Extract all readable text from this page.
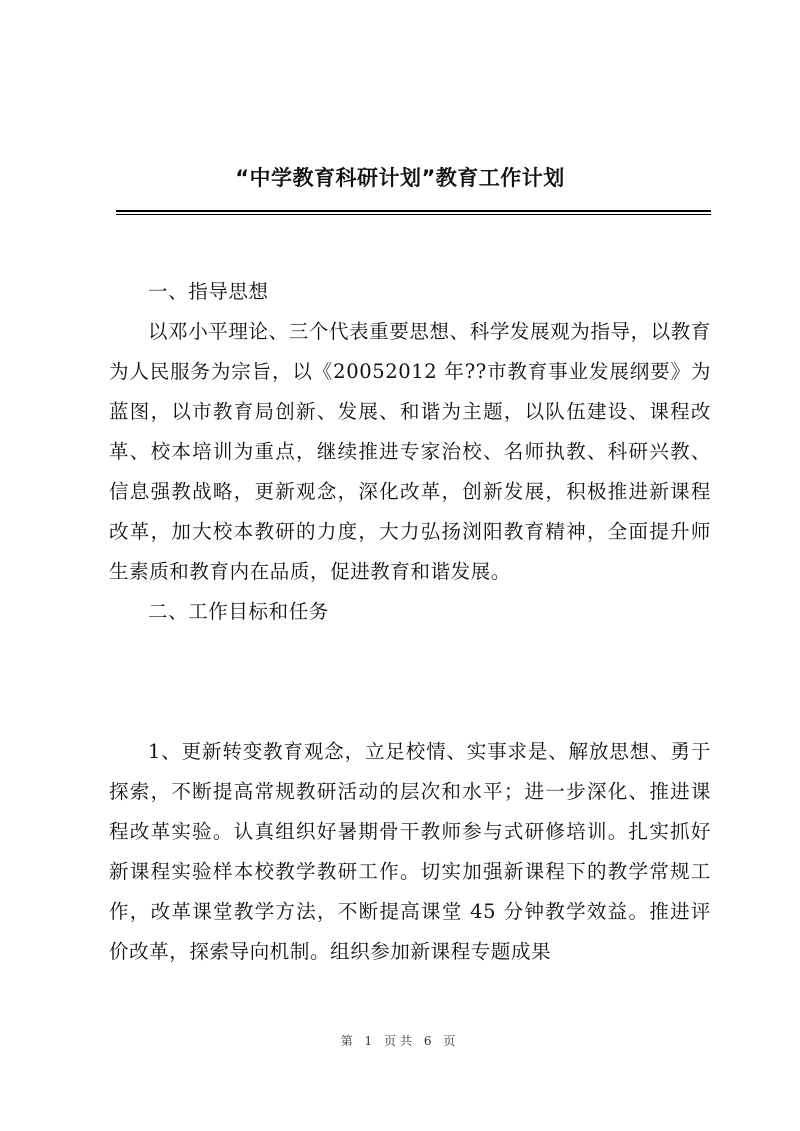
“中学教育科研计划”教育工作计划

一、指导思想

以邓小平理论、三个代表重要思想、科学发展观为指导，以教育为人民服务为宗旨，以《20052012 年??市教育事业发展纲要》为蓝图，以市教育局创新、发展、和谐为主题，以队伍建设、课程改革、校本培训为重点，继续推进专家治校、名师执教、科研兴教、信息强教战略，更新观念，深化改革，创新发展，积极推进新课程改革，加大校本教研的力度，大力弘扬浏阳教育精神，全面提升师生素质和教育内在品质，促进教育和谐发展。

二、工作目标和任务

1、更新转变教育观念，立足校情、实事求是、解放思想、勇于探索，不断提高常规教研活动的层次和水平；进一步深化、推进课程改革实验。认真组织好暑期骨干教师参与式研修培训。扎实抓好新课程实验样本校教学教研工作。切实加强新课程下的教学常规工作，改革课堂教学方法，不断提高课堂 45 分钟教学效益。推进评价改革，探索导向机制。组织参加新课程专题成果

第 1 页共 6 页
